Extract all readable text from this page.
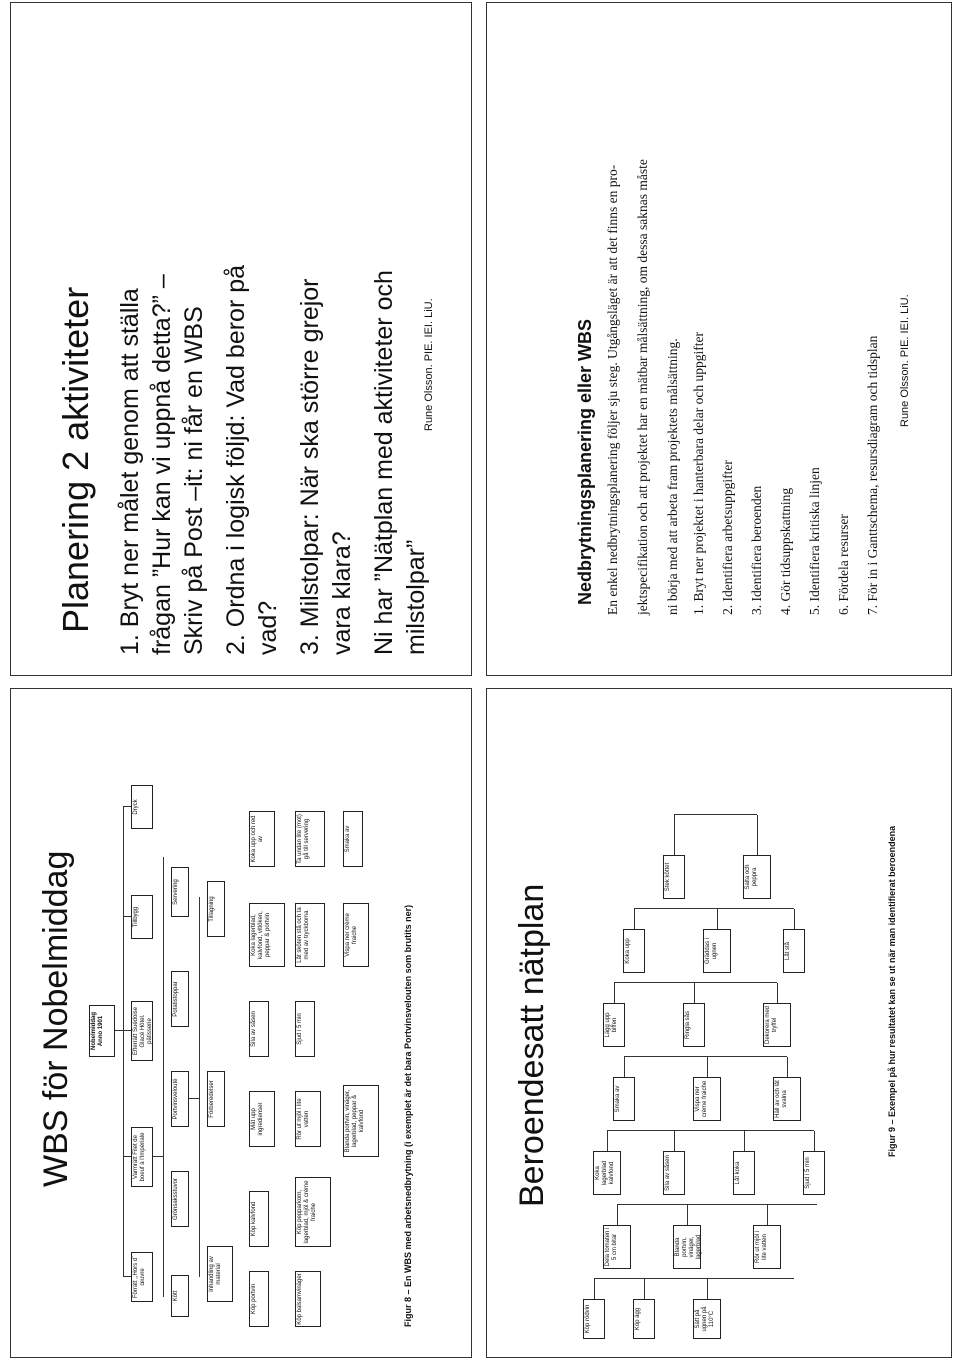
Planering 2 aktiviteter 1. Bryt ner målet genom att ställa frågan ”Hur kan vi uppnå detta?” – Skriv på Post –it: ni får en WBS 2. Ordna i logisk följd: Vad beror på vad? 3. Milstolpar: När ska större grejor vara klara? Ni har ”Nätplan med aktiviteter och milstolpar”
Rune Olsson. PIE. IEI. LiU.	Nedbrytningsplanering eller WBS En enkel nedbrytningsplanering följer sju steg. Utgångsläget är att det finns en pro- jektspecifikation och att projektet har en mätbar målsättning, om dessa saknas måste ni börja med att arbeta fram projektets målsättning. 1. Bryt ner projektet i hanterbara delar och uppgifter 2. Identifiera arbetsuppgifter 3. Identifiera beroenden 4. Gör tidsuppskattning 5. Identifiera kritiska linjen 6. Fördela resurser 7. För in i Ganttschema, resursdiagram och tidsplan Rune Olsson. PIE. IEI. LiU.
WBS för Nobelmiddag	Nobelmiddag Anno 1901
Förrätt ,,Hors d´ œuvre
Varmrätt Filet de boeuf à l'Impériale
Efterrätt Suédoise Glacé Hôtel. pâtisserie
Tillbygg
Dryck
Kött
Grönsaksstuvor
Portvinsvelouté
Potatistoppar
Servering
Inhandling av material
Förberedelser
Tillagning
Köp portvin
Köp kalvfond
Mät upp ingredienser
Sila av såsen
Koka lagerblad, kalvfond, vitlöken, peppar & portvin
Koka upp och red av
Köp balsamvinäger
Köp pepparkorn, lagerblad, mjöl & crème fraiche
Rör ut mjöl i lite vatten
Sjud i 5 min
Låt sköten stå och ta med av tryckboma
Ta undan lite (mot) gå till servering
Blanda portvin, vinäger, lagerblad, peppar & kalvfond
Vispa ner crème fraiche
Smaka av
Figur 8 – En WBS med arbetsnedbrytning (i exemplet är det bara Portvinsvelouten som brutits ner)	Beroendesatt nätplan
Köp rödvin	Köp ägg	Sätt på ugnen på 110°C
Dela tomaten i 5 cm bitar	Blanda portvin, vinäger, lagerblad	Rör ut mjöl i lite vatten
Koka lagerblad kalvfond	Sila av såsen	Låt koka	Sjud i 5 min
Smaka av	Vispa ner crème fraiche	Häll av och låt svalna
Lägg upp biffen	Ringla sås	Dekorera med tryffel
Koka upp	Gräddas i ugnen	Låt stå
Stek köttet	Salta och peppra	Figur 9 – Exempel på hur resultatet kan se ut när man identifierat beroendena
